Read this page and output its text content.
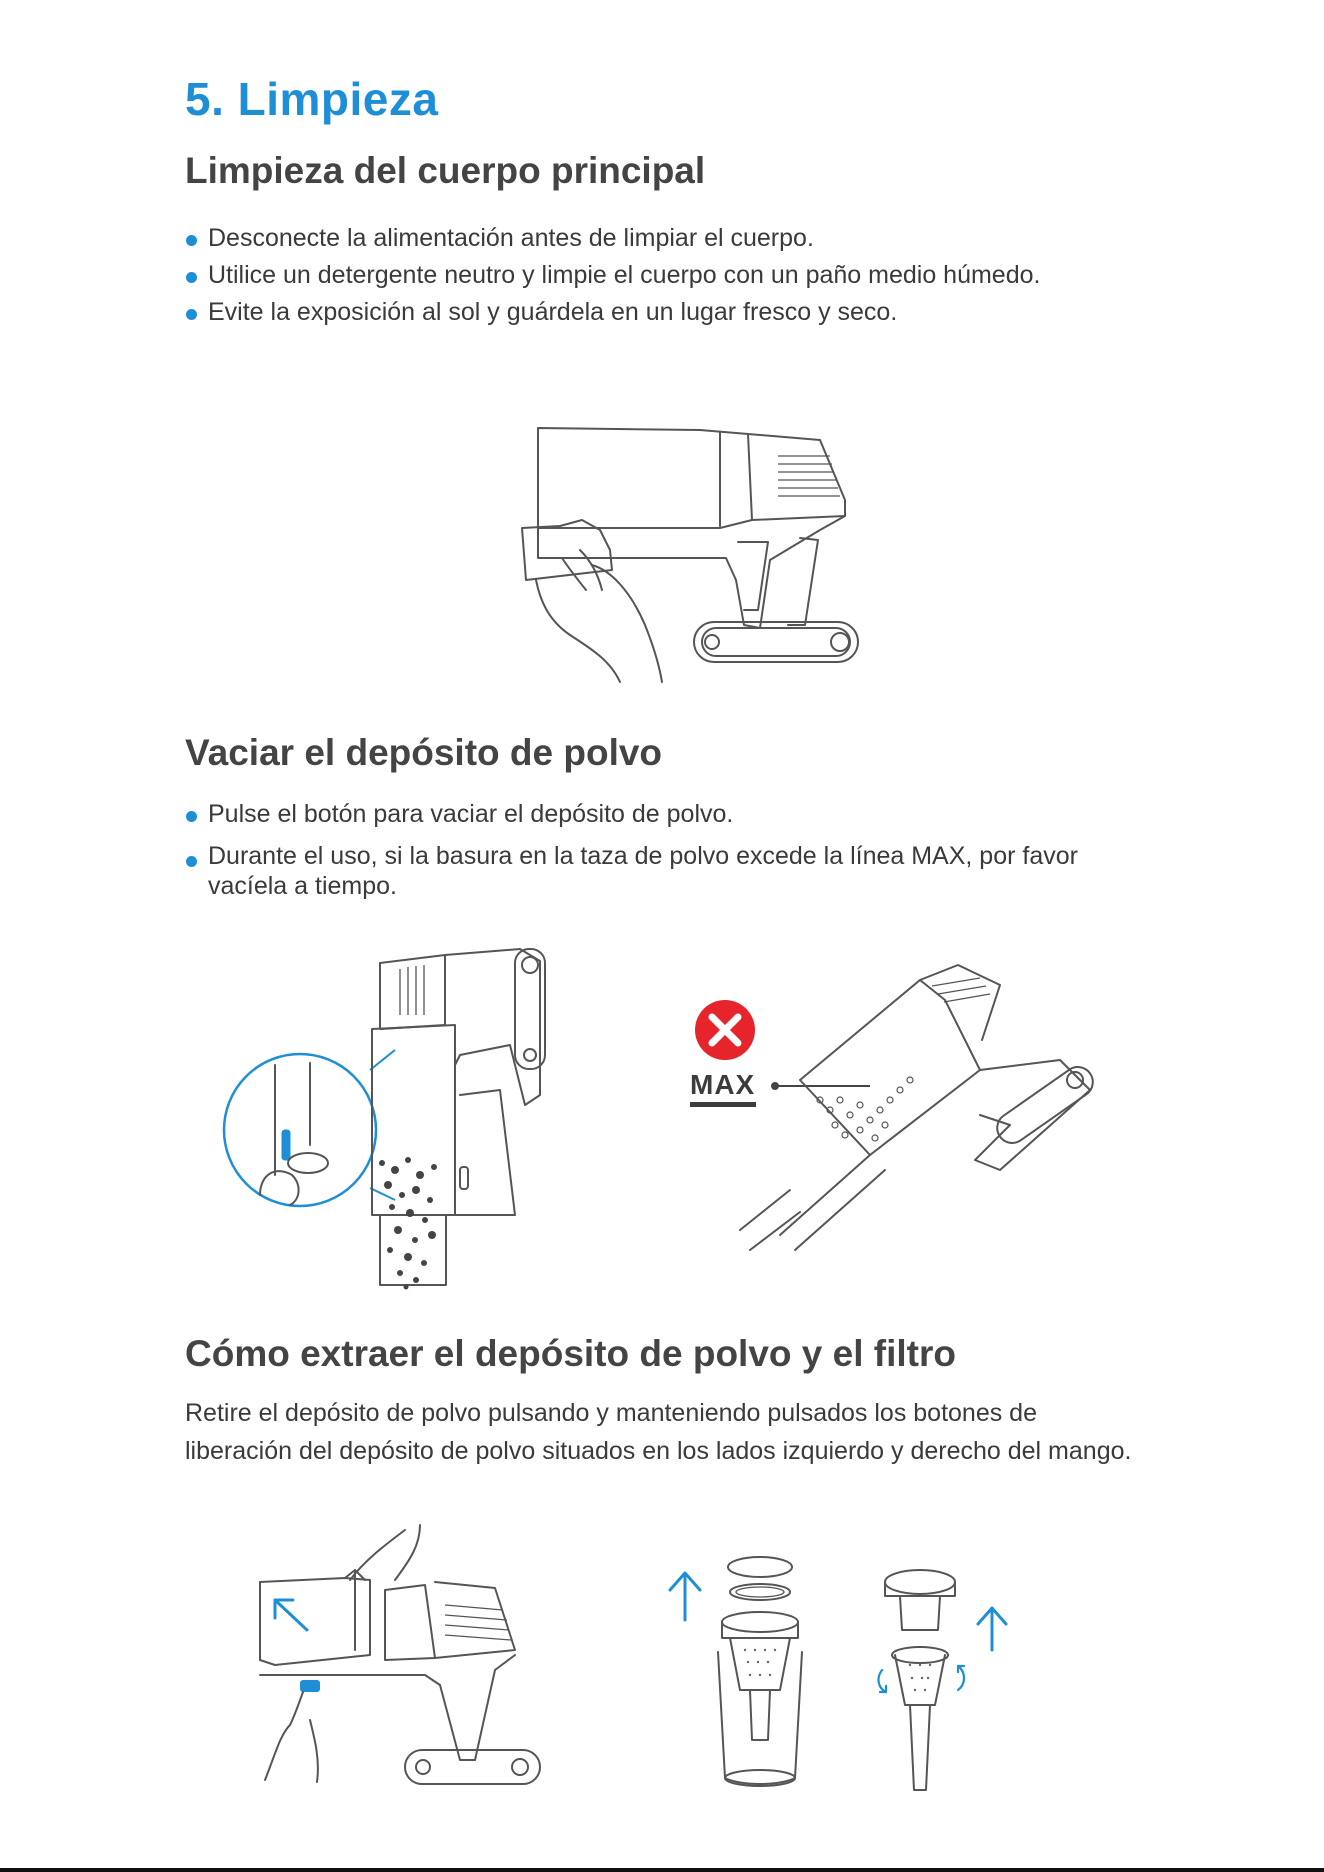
5. Limpieza
Limpieza del cuerpo principal
Desconecte la alimentación antes de limpiar el cuerpo.
Utilice un detergente neutro y limpie el cuerpo con un paño medio húmedo.
Evite la exposición al sol y guárdela en un lugar fresco y seco.
Vaciar el depósito de polvo
Pulse el botón para vaciar el depósito de polvo.
Durante el uso, si la basura en la taza de polvo excede la línea MAX, por favor vacíela a tiempo.
MAX
Cómo extraer el depósito de polvo y el filtro
Retire el depósito de polvo pulsando y manteniendo pulsados los botones de liberación del depósito de polvo situados en los lados izquierdo y derecho del mango.
